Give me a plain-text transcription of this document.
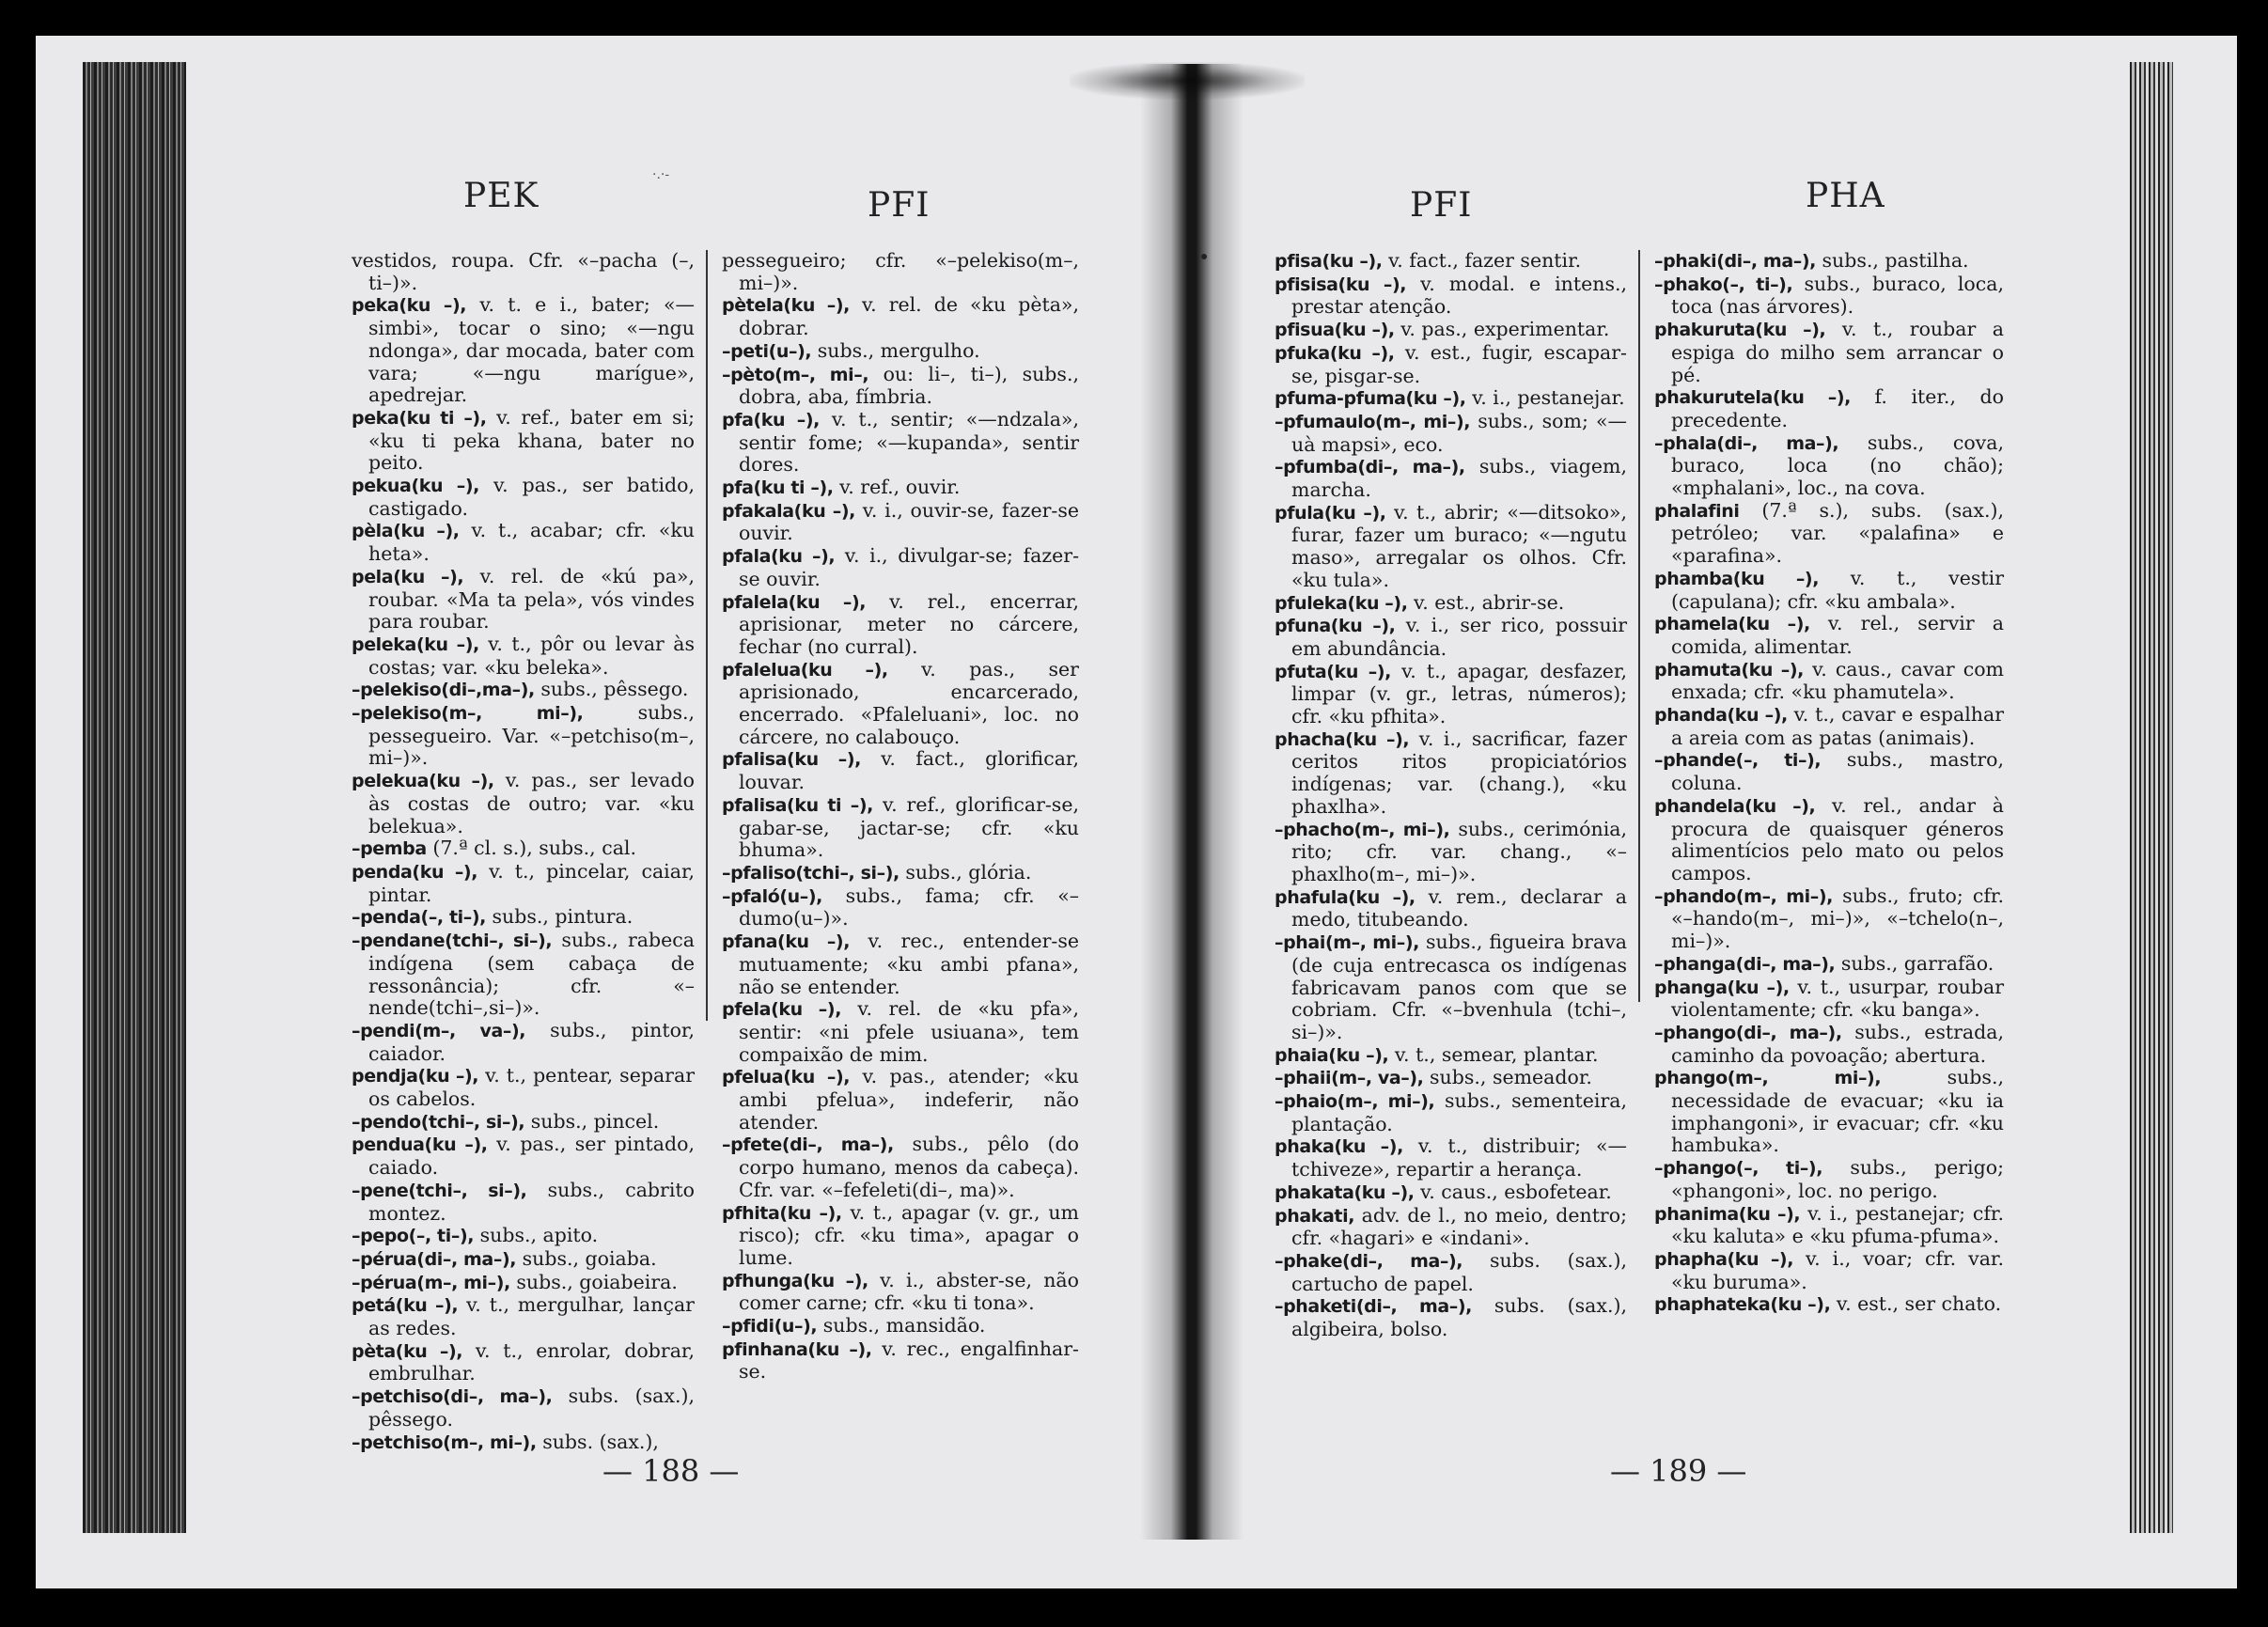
·.·‑
PEK	PFI

vestidos, roupa. Cfr. «–pacha (–, ti–)».

peka(ku –), v. t. e i., bater; «—simbi», tocar o sino; «—ngu ndonga», dar mocada, bater com vara; «—ngu marígue», apedrejar.

peka(ku ti –), v. ref., bater em si; «ku ti peka khana, bater no peito.

pekua(ku –), v. pas., ser batido, castigado.

pèla(ku –), v. t., acabar; cfr. «ku heta».

pela(ku –), v. rel. de «kú pa», roubar. «Ma ta pela», vós vindes para roubar.

peleka(ku –), v. t., pôr ou levar às costas; var. «ku beleka».

–pelekiso(di–,ma–), subs., pêssego.

–pelekiso(m–, mi–),	subs., pessegueiro. Var. «–petchiso(m–, mi–)».

pelekua(ku –), v. pas., ser levado às costas de outro; var. «ku belekua».

–pemba (7.ª cl. s.), subs., cal.

penda(ku –), v. t., pincelar, caiar, pintar.

–penda(–, ti–), subs., pintura.

–pendane(tchi–, si–), subs., rabeca indígena (sem cabaça de ressonância); cfr. «–nende(tchi–,si–)».

–pendi(m–, va–), subs., pintor, caiador.

pendja(ku –), v. t., pentear, separar os cabelos.

–pendo(tchi–, si–), subs., pincel.

pendua(ku –), v. pas., ser pintado, caiado.

–pene(tchi–, si–), subs., cabrito montez.

–pepo(–, ti–), subs., apito.

–pérua(di–, ma–), subs., goiaba.

–pérua(m–, mi–), subs., goiabeira.

petá(ku –), v. t., mergulhar, lançar as redes.

pèta(ku –), v. t., enrolar, dobrar, embrulhar.

–petchiso(di–, ma–), subs. (sax.), pêssego.

–petchiso(m–, mi–), subs. (sax.),

pessegueiro; cfr. «–pelekiso(m–, mi–)».

pètela(ku –), v. rel. de «ku pèta», dobrar.

–peti(u–), subs., mergulho.

–pèto(m–, mi–, ou: li–, ti–), subs., dobra, aba, fímbria.

pfa(ku –), v. t., sentir; «—ndzala», sentir fome; «—kupanda», sentir dores.

pfa(ku ti –), v. ref., ouvir.

pfakala(ku –), v. i., ouvir-se, fazer-se ouvir.

pfala(ku –), v. i., divulgar-se; fazer-se ouvir.

pfalela(ku –), v. rel., encerrar, aprisionar, meter no cárcere, fechar (no curral).

pfalelua(ku –), v. pas., ser aprisionado, encarcerado, encerrado. «Pfaleluani», loc. no cárcere, no calabouço.

pfalisa(ku –), v. fact., glorificar, louvar.

pfalisa(ku ti –), v. ref., glorificar-se, gabar-se, jactar-se; cfr. «ku bhuma».

–pfaliso(tchi–, si–), subs., glória.

–pfaló(u–), subs., fama; cfr. «–dumo(u–)».

pfana(ku –), v. rec., entender-se mutuamente; «ku ambi pfana», não se entender.

pfela(ku –), v. rel. de «ku pfa», sentir: «ni pfele usiuana», tem compaixão de mim.

pfelua(ku –), v. pas., atender; «ku ambi pfelua», indeferir, não atender.

–pfete(di–, ma–), subs., pêlo (do corpo humano, menos da cabeça). Cfr. var. «–fefeleti(di–, ma)».

pfhita(ku –), v. t., apagar (v. gr., um risco); cfr. «ku tima», apagar o lume.

pfhunga(ku –), v. i., abster-se, não comer carne; cfr. «ku ti tona».

–pfidi(u–), subs., mansidão.

pfinhana(ku –), v. rec., engalfinhar-se.

— 188 —
PFI	PHA

pfisa(ku –), v. fact., fazer sentir.

pfisisa(ku –), v. modal. e intens., prestar atenção.

pfisua(ku –), v. pas., experimentar.

pfuka(ku –), v. est., fugir, escapar-se, pisgar-se.

pfuma-pfuma(ku –), v. i., pestanejar.

–pfumaulo(m–, mi–), subs., som; «—uà mapsi», eco.

–pfumba(di–, ma–), subs., viagem, marcha.

pfula(ku –), v. t., abrir; «—ditsoko», furar, fazer um buraco; «—ngutu maso», arregalar os olhos. Cfr. «ku tula».

pfuleka(ku –), v. est., abrir-se.

pfuna(ku –), v. i., ser rico, possuir em abundância.

pfuta(ku –), v. t., apagar, desfazer, limpar (v. gr., letras, números); cfr. «ku pfhita».

phacha(ku –), v. i., sacrificar, fazer ceritos ritos propiciatórios indígenas; var. (chang.), «ku phaxlha».

–phacho(m–, mi–), subs., cerimónia, rito; cfr. var. chang., «–phaxlho(m–, mi–)».

phafula(ku –), v. rem., declarar a medo, titubeando.

–phai(m–, mi–), subs., figueira brava (de cuja entrecasca os indígenas fabricavam panos com que se cobriam. Cfr. «–bvenhula (tchi–, si–)».

phaia(ku –), v. t., semear, plantar.

–phaii(m–, va–), subs., semeador.

–phaio(m–, mi–), subs., sementeira, plantação.

phaka(ku –), v. t., distribuir; «—tchiveze», repartir a herança.

phakata(ku –), v. caus., esbofetear.

phakati, adv. de l., no meio, dentro; cfr. «hagari» e «indani».

–phake(di–, ma–), subs. (sax.), cartucho de papel.

–phaketi(di–, ma–), subs. (sax.), algibeira, bolso.

–phaki(di–, ma–), subs., pastilha.

–phako(–, ti–), subs., buraco, loca, toca (nas árvores).

phakuruta(ku –), v. t., roubar a espiga do milho sem arrancar o pé.

phakurutela(ku –), f. iter., do precedente.

–phala(di–, ma–), subs., cova, buraco, loca (no chão); «mphalani», loc., na cova.

phalafini (7.ª s.), subs. (sax.), petróleo; var. «palafina» e «parafina».

phamba(ku –), v. t., vestir (capulana); cfr. «ku ambala».

phamela(ku –), v. rel., servir a comida, alimentar.

phamuta(ku –), v. caus., cavar com enxada; cfr. «ku phamutela».

phanda(ku –), v. t., cavar e espalhar a areia com as patas (animais).

–phande(–, ti–), subs., mastro, coluna.

phandela(ku –), v. rel., andar à procura de quaisquer géneros alimentícios pelo mato ou pelos campos.

–phando(m–, mi–), subs., fruto; cfr. «–hando(m–, mi–)», «–tchelo(n–, mi–)».

–phanga(di–, ma–), subs., garrafão.

phanga(ku –), v. t., usurpar, roubar violentamente; cfr. «ku banga».

–phango(di–, ma–), subs., estrada, caminho da povoação; abertura.

phango(m–, mi–),	subs., necessidade de evacuar; «ku ia imphangoni», ir evacuar; cfr. «ku hambuka».

–phango(–, ti–), subs., perigo; «phangoni», loc. no perigo.

phanima(ku –), v. i., pestanejar; cfr. «ku kaluta» e «ku pfuma-pfuma».

phapha(ku –), v. i., voar; cfr. var. «ku buruma».

phaphateka(ku –), v. est., ser chato.

— 189 —
